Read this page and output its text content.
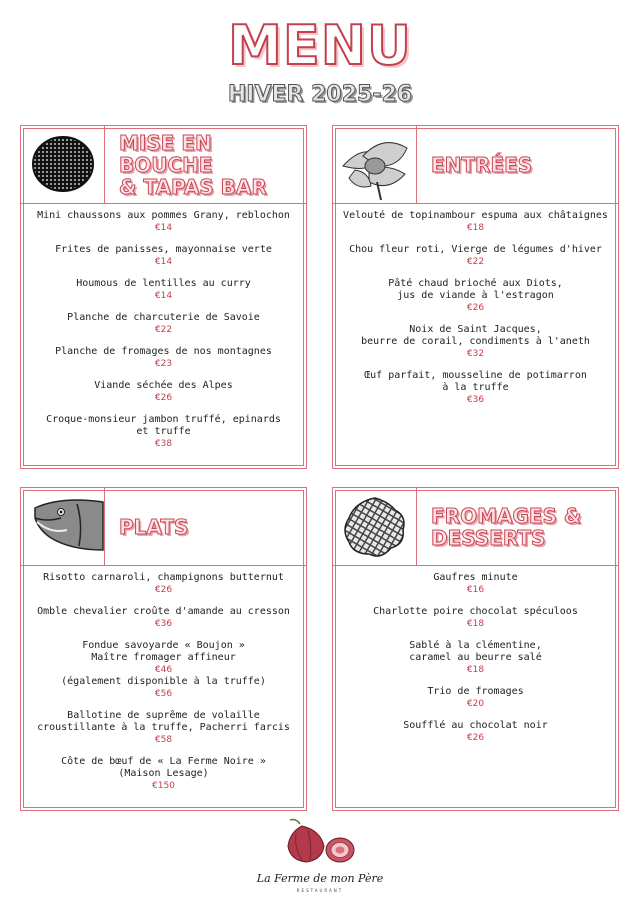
MENU
HIVER 2025-26
MISE EN BOUCHE
& TAPAS BAR
Mini chaussons aux pommes Grany, reblochon
€14
Frites de panisses, mayonnaise verte
€14
Houmous de lentilles au curry
€14
Planche de charcuterie de Savoie
€22
Planche de fromages de nos montagnes
€23
Viande séchée des Alpes
€26
Croque-monsieur jambon truffé, epinards
et truffe
€38
ENTRÉES
Velouté de topinambour espuma aux châtaignes
€18
Chou fleur roti, Vierge de légumes d'hiver
€22
Pâté chaud brioché aux Diots,
jus de viande à l'estragon
€26
Noix de Saint Jacques,
beurre de corail, condiments à l'aneth
€32
Œuf parfait, mousseline de potimarron
à la truffe
€36
PLATS
Risotto carnaroli, champignons butternut
€26
Omble chevalier croûte d'amande au cresson
€36
Fondue savoyarde « Boujon »
Maître fromager affineur
€46
(également disponible à la truffe)
€56
Ballotine de suprême de volaille
croustillante à la truffe, Pacherri farcis
€58
Côte de bœuf de « La Ferme Noire »
(Maison Lesage)
€150
FROMAGES &
DESSERTS
Gaufres minute
€16
Charlotte poire chocolat spéculoos
€18
Sablé à la clémentine,
caramel au beurre salé
€18
Trio de fromages
€20
Soufflé au chocolat noir
€26
La Ferme de mon Père
RESTAURANT
